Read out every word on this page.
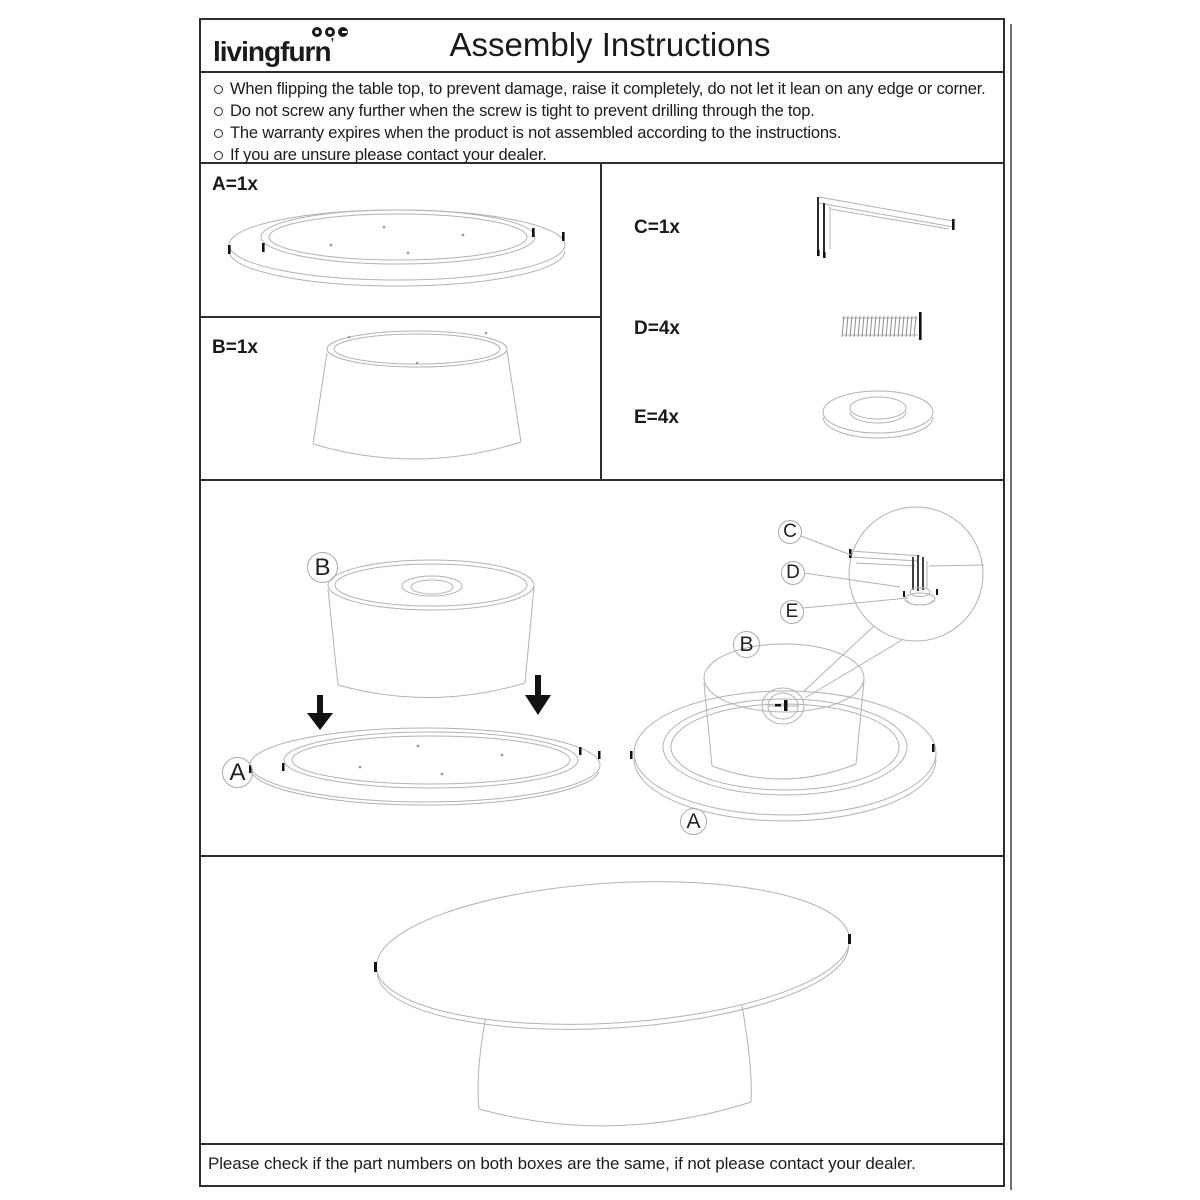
livingfurn’	Assembly Instructions
When flipping the table top, to prevent damage, raise it completely, do not let it lean on any edge or corner.
Do not screw any further when the screw is tight to prevent drilling through the top.
The warranty expires when the product is not assembled according to the instructions.
If you are unsure please contact your dealer.
A=1x
B=1x
C=1x
D=4x
E=4x
B
A
C
D
E
B
A
Please check if the part numbers on both boxes are the same, if not please contact your dealer.
